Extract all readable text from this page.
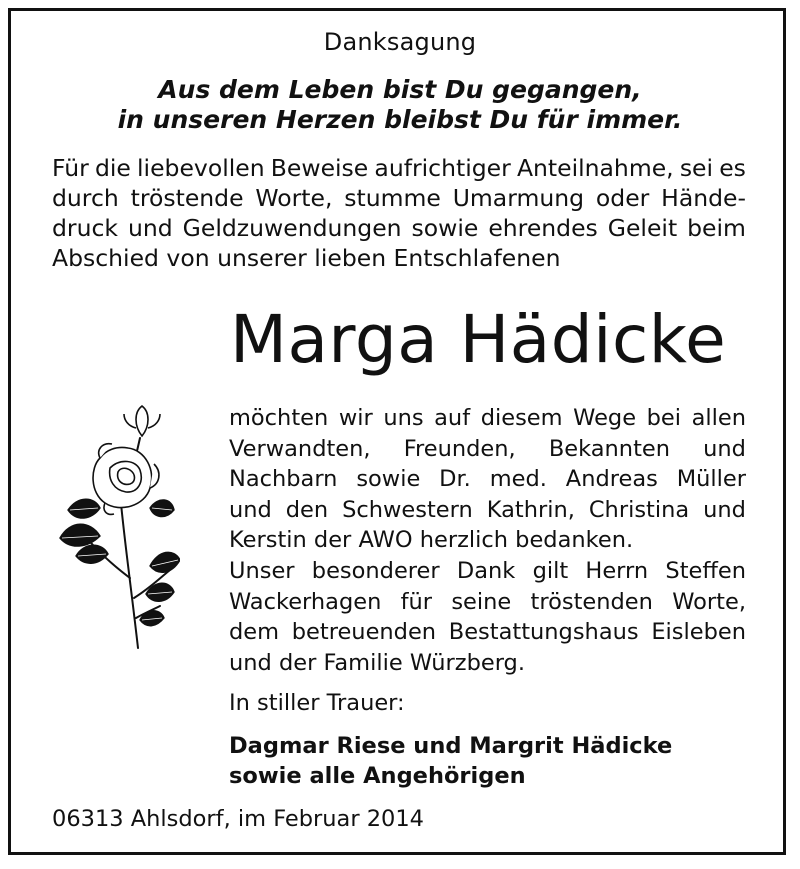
Danksagung
Aus dem Leben bist Du gegangen,
in unseren Herzen bleibst Du für immer.
Für die liebevollen Beweise aufrichtiger Anteilnahme, sei es
durch tröstende Worte, stumme Umarmung oder Hände-
druck und Geldzuwendungen sowie ehrendes Geleit beim
Abschied von unserer lieben Entschlafenen
Marga Hädicke
möchten wir uns auf diesem Wege bei allen
Verwandten, Freunden, Bekannten und
Nachbarn sowie Dr. med. Andreas Müller
und den Schwestern Kathrin, Christina und
Kerstin der AWO herzlich bedanken.
Unser besonderer Dank gilt Herrn Steffen
Wackerhagen für seine tröstenden Worte,
dem betreuenden Bestattungshaus Eisleben
und der Familie Würzberg.
In stiller Trauer:
Dagmar Riese und Margrit Hädicke
sowie alle Angehörigen
06313 Ahlsdorf, im Februar 2014
